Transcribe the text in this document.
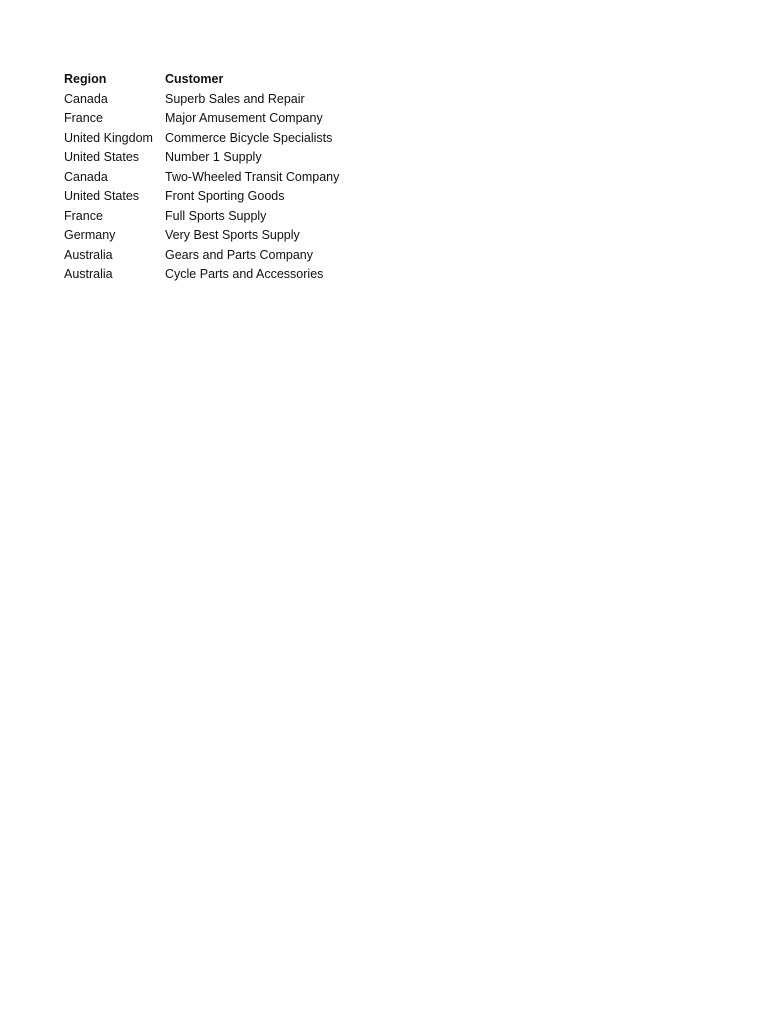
Region	Customer
Canada	Superb Sales and Repair
France	Major Amusement Company
United Kingdom	Commerce Bicycle Specialists
United States	Number 1 Supply
Canada	Two-Wheeled Transit Company
United States	Front Sporting Goods
France	Full Sports Supply
Germany	Very Best Sports Supply
Australia	Gears and Parts Company
Australia	Cycle Parts and Accessories
